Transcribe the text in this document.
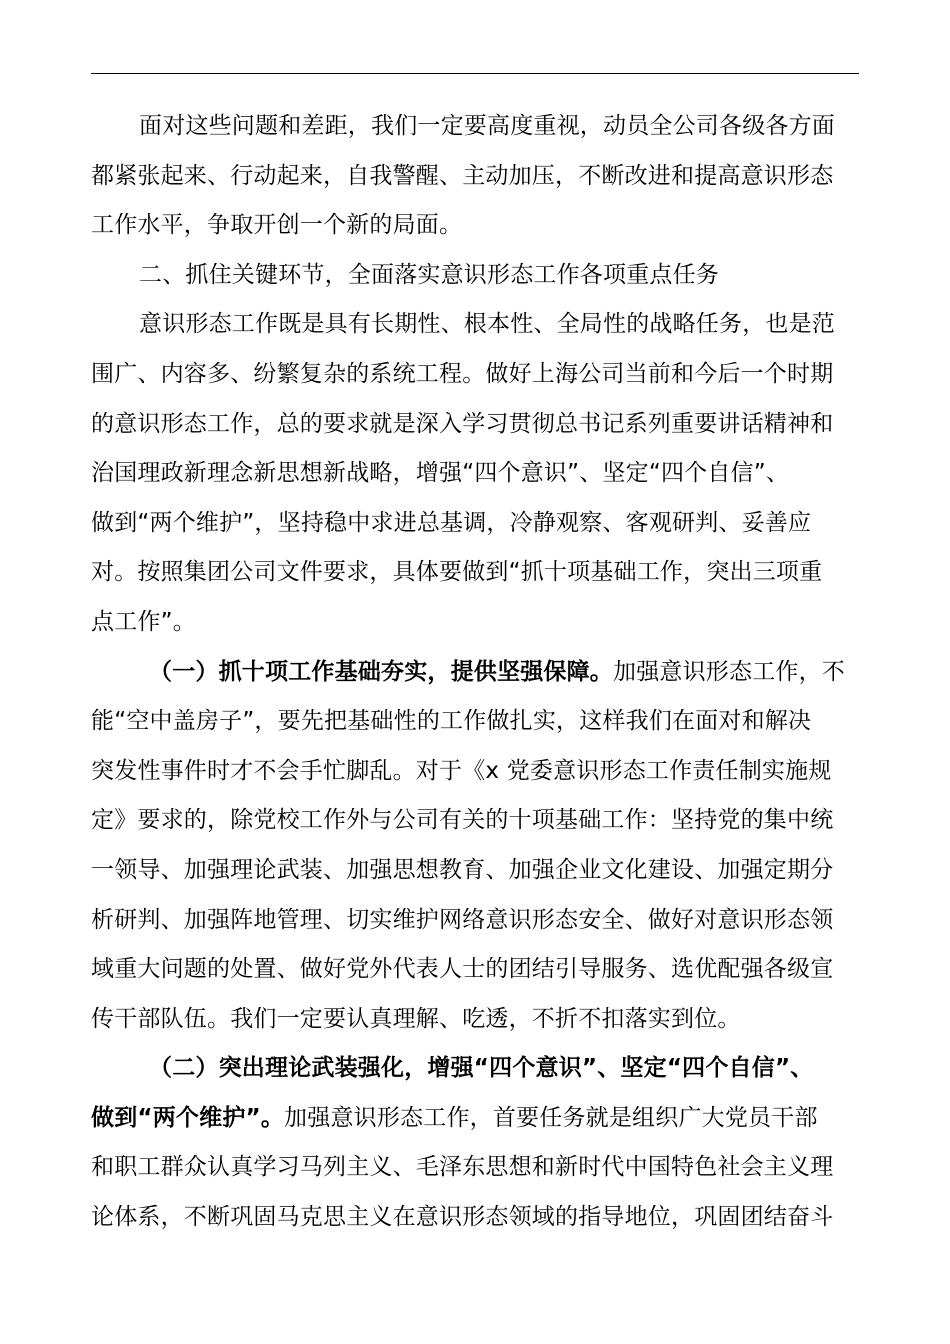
面对这些问题和差距，我们一定要高度重视，动员全公司各级各方面
都紧张起来、行动起来，自我警醒、主动加压，不断改进和提高意识形态
工作水平，争取开创一个新的局面。
二、抓住关键环节，全面落实意识形态工作各项重点任务
意识形态工作既是具有长期性、根本性、全局性的战略任务，也是范
围广、内容多、纷繁复杂的系统工程。做好上海公司当前和今后一个时期
的意识形态工作，总的要求就是深入学习贯彻总书记系列重要讲话精神和
治国理政新理念新思想新战略，增强“四个意识”、坚定“四个自信”、
做到“两个维护”，坚持稳中求进总基调，冷静观察、客观研判、妥善应
对。按照集团公司文件要求，具体要做到“抓十项基础工作，突出三项重
点工作”。
（一）抓十项工作基础夯实，提供坚强保障。加强意识形态工作，不
能“空中盖房子”，要先把基础性的工作做扎实，这样我们在面对和解决
突发性事件时才不会手忙脚乱。对于《x 党委意识形态工作责任制实施规
定》要求的，除党校工作外与公司有关的十项基础工作：坚持党的集中统
一领导、加强理论武装、加强思想教育、加强企业文化建设、加强定期分
析研判、加强阵地管理、切实维护网络意识形态安全、做好对意识形态领
域重大问题的处置、做好党外代表人士的团结引导服务、选优配强各级宣
传干部队伍。我们一定要认真理解、吃透，不折不扣落实到位。
（二）突出理论武装强化，增强“四个意识”、坚定“四个自信”、
做到“两个维护”。加强意识形态工作，首要任务就是组织广大党员干部
和职工群众认真学习马列主义、毛泽东思想和新时代中国特色社会主义理
论体系，不断巩固马克思主义在意识形态领域的指导地位，巩固团结奋斗
